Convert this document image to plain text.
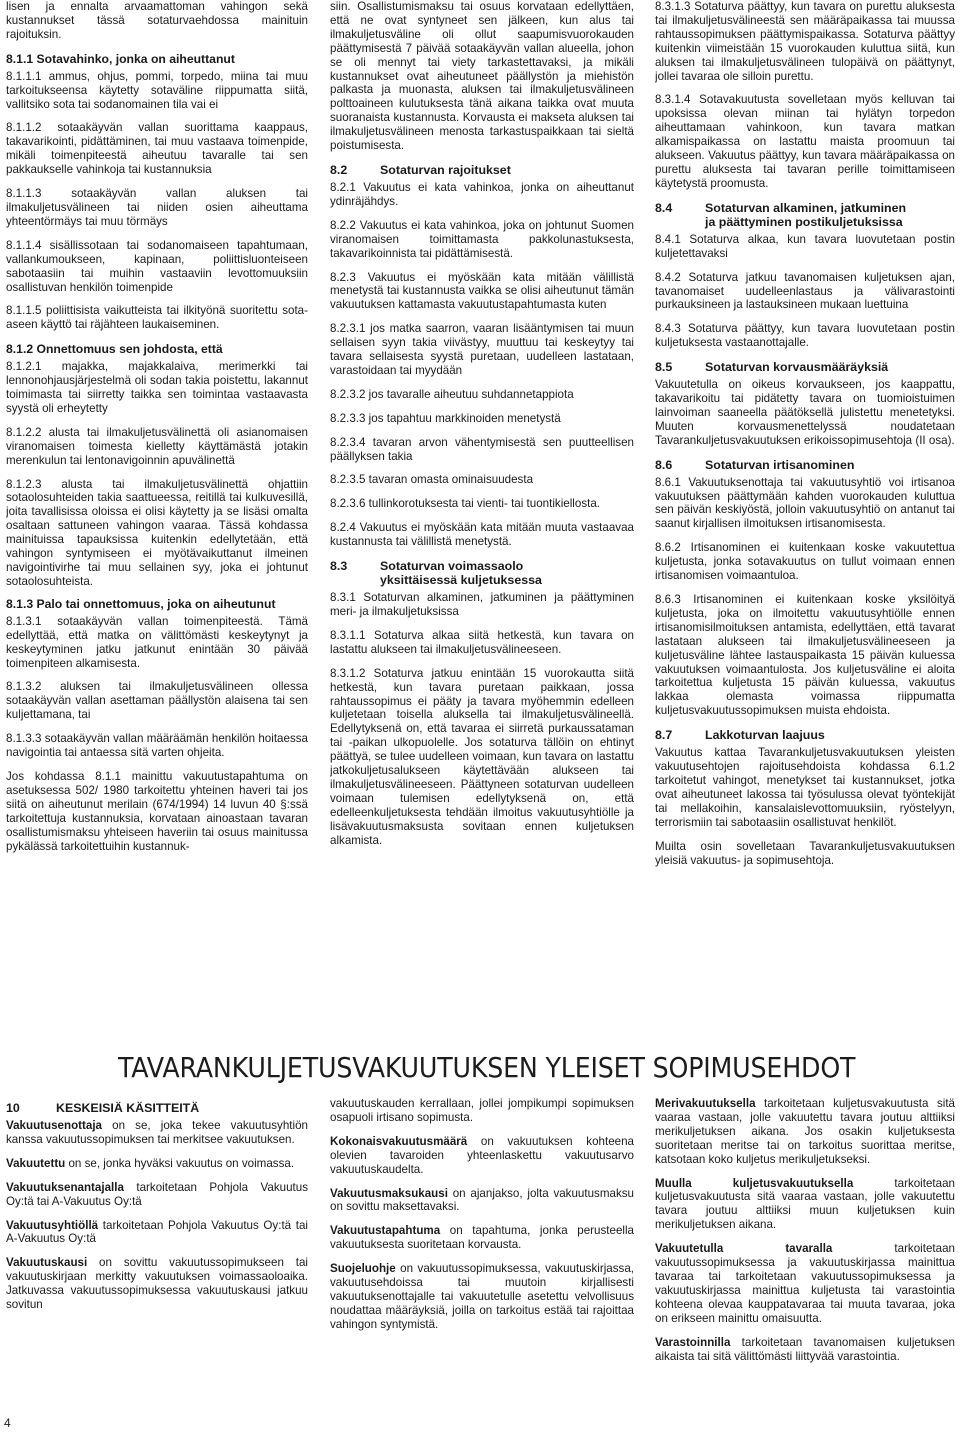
lisen ja ennalta arvaamattoman vahingon sekä kustannukset tässä sotaturvaehdossa mainituin rajoituksin.

8.1.1 Sotavahinko, jonka on aiheuttanut

8.1.1.1 ammus, ohjus, pommi, torpedo, miina tai muu tarkoitukseensa käytetty sotaväline riippumatta siitä, vallitsiko sota tai sodanomainen tila vai ei

8.1.1.2 sotaakäyvän vallan suorittama kaappaus, takavarikointi, pidättäminen, tai muu vastaava toimenpide, mikäli toimenpiteestä aiheutuu tavaralle tai sen pakkaukselle vahinkoja tai kustannuksia

8.1.1.3 sotaakäyvän vallan aluksen tai ilmakuljetusvälineen tai niiden osien aiheuttama yhteentörmäys tai muu törmäys

8.1.1.4 sisällissotaan tai sodanomaiseen tapahtumaan, vallankumoukseen, kapinaan, poliittisluonteiseen sabotaasiin tai muihin vastaaviin levottomuuksiin osallistuvan henkilön toimenpide

8.1.1.5 poliittisista vaikutteista tai ilkityönä suoritettu sota-aseen käyttö tai räjähteen laukaiseminen.

8.1.2 Onnettomuus sen johdosta, että

8.1.2.1 majakka, majakkalaiva, merimerkki tai lennonohjausjärjestelmä oli sodan takia poistettu, lakannut toimimasta tai siirretty taikka sen toimintaa vastaavasta syystä oli erheytetty

8.1.2.2 alusta tai ilmakuljetusvälinettä oli asianomaisen viranomaisen toimesta kielletty käyttämästä jotakin merenkulun tai lentonavigoinnin apuvälinettä

8.1.2.3 alusta tai ilmakuljetusvälinettä ohjattiin sotaolosuhteiden takia saattueessa, reitillä tai kulkuvesillä, joita tavallisissa oloissa ei olisi käytetty ja se lisäsi omalta osaltaan sattuneen vahingon vaaraa. Tässä kohdassa mainituissa tapauksissa kuitenkin edellytetään, että vahingon syntymiseen ei myötävaikuttanut ilmeinen navigointivirhe tai muu sellainen syy, joka ei johtunut sotaolosuhteista.

8.1.3 Palo tai onnettomuus, joka on aiheutunut

8.1.3.1 sotaakäyvän vallan toimenpiteestä. Tämä edellyttää, että matka on välittömästi keskeytynyt ja keskeytyminen jatku jatkunut enintään 30 päivää toimenpiteen alkamisesta.

8.1.3.2 aluksen tai ilmakuljetusvälineen ollessa sotaakäyvän vallan asettaman päällystön alaisena tai sen kuljettamana, tai

8.1.3.3 sotaakäyvän vallan määräämän henkilön hoitaessa navigointia tai antaessa sitä varten ohjeita.

Jos kohdassa 8.1.1 mainittu vakuutustapahtuma on asetuksessa 502/ 1980 tarkoitettu yhteinen haveri tai jos siitä on aiheutunut merilain (674/1994) 14 luvun 40 §:ssä tarkoitettuja kustannuksia, korvataan ainoastaan tavaran osallistumismaksu yhteiseen haveriin tai osuus mainitussa pykälässä tarkoitettuihin kustannuk-

siin. Osallistumismaksu tai osuus korvataan edellyttäen, että ne ovat syntyneet sen jälkeen, kun alus tai ilmakuljetusväline oli ollut saapumisvuorokauden päättymisestä 7 päivää sotaakäyvän vallan alueella, johon se oli mennyt tai viety tarkastettavaksi, ja mikäli kustannukset ovat aiheutuneet päällystön ja miehistön palkasta ja muonasta, aluksen tai ilmakuljetusvälineen polttoaineen kulutuksesta tänä aikana taikka ovat muuta suoranaista kustannusta. Korvausta ei makseta aluksen tai ilmakuljetusvälineen menosta tarkastuspaikkaan tai sieltä poistumisesta.

8.2	Sotaturvan rajoitukset

8.2.1 Vakuutus ei kata vahinkoa, jonka on aiheuttanut ydinräjähdys.

8.2.2 Vakuutus ei kata vahinkoa, joka on johtunut Suomen viranomaisen toimittamasta pakkolunastuksesta, takavarikoinnista tai pidättämisestä.

8.2.3 Vakuutus ei myöskään kata mitään välillistä menetystä tai kustannusta vaikka se olisi aiheutunut tämän vakuutuksen kattamasta vakuutustapahtumasta kuten

8.2.3.1 jos matka saarron, vaaran lisääntymisen tai muun sellaisen syyn takia viivästyy, muuttuu tai keskeytyy tai tavara sellaisesta syystä puretaan, uudelleen lastataan, varastoidaan tai myydään

8.2.3.2 jos tavaralle aiheutuu suhdannetappiota

8.2.3.3 jos tapahtuu markkinoiden menetystä

8.2.3.4 tavaran arvon vähentymisestä sen puutteellisen päällyksen takia

8.2.3.5 tavaran omasta ominaisuudesta

8.2.3.6 tullinkorotuksesta tai vienti- tai tuontikiellosta.

8.2.4 Vakuutus ei myöskään kata mitään muuta vastaavaa kustannusta tai välillistä menetystä.

8.3	Sotaturvan voimassaolo
yksittäisessä kuljetuksessa

8.3.1 Sotaturvan alkaminen, jatkuminen ja päättyminen meri- ja ilmakuljetuksissa

8.3.1.1 Sotaturva alkaa siitä hetkestä, kun tavara on lastattu alukseen tai ilmakuljetusvälineeseen.

8.3.1.2 Sotaturva jatkuu enintään 15 vuorokautta siitä hetkestä, kun tavara puretaan paikkaan, jossa rahtaussopimus ei pääty ja tavara myöhemmin edelleen kuljetetaan toisella aluksella tai ilmakuljetusvälineellä. Edellytyksenä on, että tavaraa ei siirretä purkaussataman tai -paikan ulkopuolelle. Jos sotaturva tällöin on ehtinyt päättyä, se tulee uudelleen voimaan, kun tavara on lastattu jatkokuljetusalukseen käytettävään alukseen tai ilmakuljetusvälineeseen. Päättyneen sotaturvan uudelleen voimaan tulemisen edellytyksenä on, että edelleenkuljetuksesta tehdään ilmoitus vakuutusyhtiölle ja lisävakuutusmaksusta sovitaan ennen kuljetuksen alkamista.

8.3.1.3 Sotaturva päättyy, kun tavara on purettu aluksesta tai ilmakuljetusvälineestä sen määräpaikassa tai muussa rahtaussopimuksen päättymispaikassa. Sotaturva päättyy kuitenkin viimeistään 15 vuorokauden kuluttua siitä, kun aluksen tai ilmakuljetusvälineen tulopäivä on päättynyt, jollei tavaraa ole silloin purettu.

8.3.1.4 Sotavakuutusta sovelletaan myös kelluvan tai upoksissa olevan miinan tai hylätyn torpedon aiheuttamaan vahinkoon, kun tavara matkan alkamispaikassa on lastattu maista proomuun tai alukseen. Vakuutus päättyy, kun tavara määräpaikassa on purettu aluksesta tai tavaran perille toimittamiseen käytetystä proomusta.

8.4	Sotaturvan alkaminen, jatkuminen
ja päättyminen postikuljetuksissa

8.4.1 Sotaturva alkaa, kun tavara luovutetaan postin kuljetettavaksi

8.4.2 Sotaturva jatkuu tavanomaisen kuljetuksen ajan, tavanomaiset uudelleenlastaus ja välivarastointi purkauksineen ja lastauksineen mukaan luettuina

8.4.3 Sotaturva päättyy, kun tavara luovutetaan postin kuljetuksesta vastaanottajalle.

8.5	Sotaturvan korvausmääräyksiä

Vakuutetulla on oikeus korvaukseen, jos kaappattu, takavarikoitu tai pidätetty tavara on tuomioistuimen lainvoiman saaneella päätöksellä julistettu menetetyksi. Muuten korvausmenettelyssä noudatetaan Tavarankuljetusvakuutuksen erikoissopimusehtoja (II osa).

8.6	Sotaturvan irtisanominen

8.6.1 Vakuutuksenottaja tai vakuutusyhtiö voi irtisanoa vakuutuksen päättymään kahden vuorokauden kuluttua sen päivän keskiyöstä, jolloin vakuutusyhtiö on antanut tai saanut kirjallisen ilmoituksen irtisanomisesta.

8.6.2 Irtisanominen ei kuitenkaan koske vakuutettua kuljetusta, jonka sotavakuutus on tullut voimaan ennen irtisanomisen voimaantuloa.

8.6.3 Irtisanominen ei kuitenkaan koske yksilöityä kuljetusta, joka on ilmoitettu vakuutusyhtiölle ennen irtisanomisilmoituksen antamista, edellyttäen, että tavarat lastataan alukseen tai ilmakuljetusvälineeseen ja kuljetusväline lähtee lastauspaikasta 15 päivän kuluessa vakuutuksen voimaantulosta. Jos kuljetusväline ei aloita tarkoitettua kuljetusta 15 päivän kuluessa, vakuutus lakkaa olemasta voimassa riippumatta kuljetusvakuutussopimuksen muista ehdoista.

8.7	Lakkoturvan laajuus

Vakuutus kattaa Tavarankuljetusvakuutuksen yleisten vakuutusehtojen rajoitusehdoista kohdassa 6.1.2 tarkoitetut vahingot, menetykset tai kustannukset, jotka ovat aiheutuneet lakossa tai työsulussa olevat työntekijät tai mellakoihin, kansalaislevottomuuksiin, ryöstelyyn, terrorismiin tai sabotaasiin osallistuvat henkilöt.

Muilta osin sovelletaan Tavarankuljetusvakuutuksen yleisiä vakuutus- ja sopimusehtoja.

TAVARANKULJETUSVAKUUTUKSEN YLEISET SOPIMUSEHDOT
10	KESKEISIÄ KÄSITTEITÄ

Vakuutusenottaja on se, joka tekee vakuutusyhtiön kanssa vakuutussopimuksen tai merkitsee vakuutuksen.

Vakuutettu on se, jonka hyväksi vakuutus on voimassa.

Vakuutuksenantajalla tarkoitetaan Pohjola Vakuutus Oy:tä tai A-Vakuutus Oy:tä

Vakuutusyhtiöllä tarkoitetaan Pohjola Vakuutus Oy:tä tai A-Vakuutus Oy:tä

Vakuutuskausi on sovittu vakuutussopimukseen tai vakuutuskirjaan merkitty vakuutuksen voimassaoloaika. Jatkuvassa vakuutussopimuksessa vakuutuskausi jatkuu sovitun

vakuutuskauden kerrallaan, jollei jompikumpi sopimuksen osapuoli irtisano sopimusta.

Kokonaisvakuutusmäärä on vakuutuksen kohteena olevien tavaroiden yhteenlaskettu vakuutusarvo vakuutuskaudelta.

Vakuutusmaksukausi on ajanjakso, jolta vakuutusmaksu on sovittu maksettavaksi.

Vakuutustapahtuma on tapahtuma, jonka perusteella vakuutuksesta suoritetaan korvausta.

Suojeluohje on vakuutussopimuksessa, vakuutuskirjassa, vakuutusehdoissa tai muutoin kirjallisesti vakuutuksenottajalle tai vakuutetulle asetettu velvollisuus noudattaa määräyksiä, joilla on tarkoitus estää tai rajoittaa vahingon syntymistä.

Merivakuutuksella tarkoitetaan kuljetusvakuutusta sitä vaaraa vastaan, jolle vakuutettu tavara joutuu alttiiksi merikuljetuksen aikana. Jos osakin kuljetuksesta suoritetaan meritse tai on tarkoitus suorittaa meritse, katsotaan koko kuljetus merikuljetukseksi.

Muulla kuljetusvakuutuksella tarkoitetaan kuljetusvakuutusta sitä vaaraa vastaan, jolle vakuutettu tavara joutuu alttiiksi muun kuljetuksen kuin merikuljetuksen aikana.

Vakuutetulla tavaralla tarkoitetaan vakuutussopimuksessa ja vakuutuskirjassa mainittua tavaraa tai tarkoitetaan vakuutussopimuksessa ja vakuutuskirjassa mainittua kuljetusta tai varastointia kohteena olevaa kauppatavaraa tai muuta tavaraa, joka on erikseen mainittu omaisuutta.

Varastoinnilla tarkoitetaan tavanomaisen kuljetuksen aikaista tai sitä välittömästi liittyvää varastointia.

4
